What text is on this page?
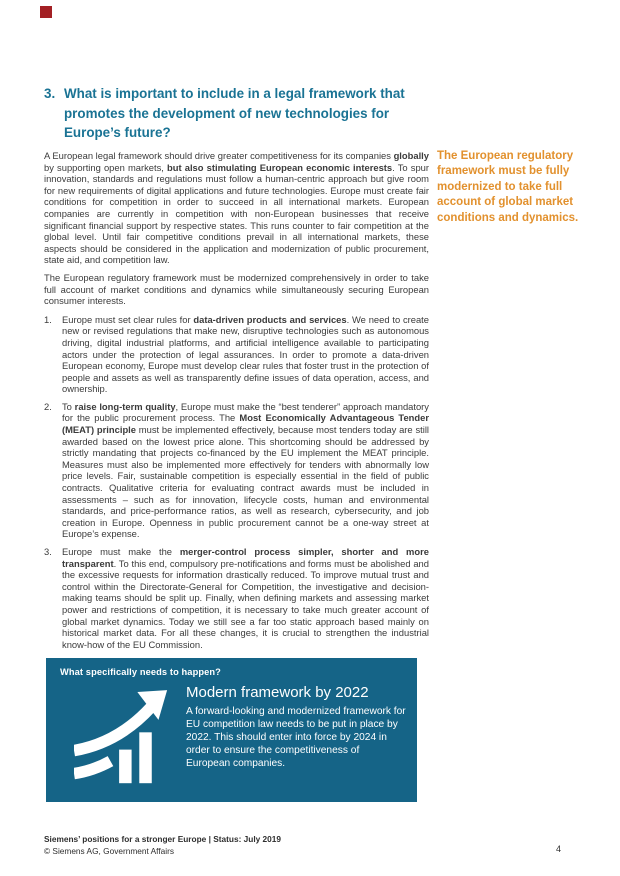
3. What is important to include in a legal framework that promotes the development of new technologies for Europe’s future?
The European regulatory framework must be fully modernized to take full account of global market conditions and dynamics.

A European legal framework should drive greater competitiveness for its companies globally by supporting open markets, but also stimulating European economic interests. To spur innovation, standards and regulations must follow a human-centric approach but give room for new requirements of digital applications and future technologies. Europe must create fair conditions for competition in order to succeed in all international markets. European companies are currently in competition with non-European businesses that receive significant financial support by respective states. This runs counter to fair competition at the global level. Until fair competitive conditions prevail in all international markets, these aspects should be considered in the application and modernization of public procurement, state aid, and competition law.

The European regulatory framework must be modernized comprehensively in order to take full account of market conditions and dynamics while simultaneously securing European consumer interests.

1.	Europe must set clear rules for data-driven products and services. We need to create new or revised regulations that make new, disruptive technologies such as autonomous driving, digital industrial platforms, and artificial intelligence available to participating actors under the protection of legal assurances. In order to promote a data-driven European economy, Europe must develop clear rules that foster trust in the protection of people and assets as well as transparently define issues of data operation, access, and ownership.
2.	To raise long-term quality, Europe must make the “best tenderer” approach mandatory for the public procurement process. The Most Economically Advantageous Tender (MEAT) principle must be implemented effectively, because most tenders today are still awarded based on the lowest price alone. This shortcoming should be addressed by strictly mandating that projects co-financed by the EU implement the MEAT principle. Measures must also be implemented more effectively for tenders with abnormally low price levels. Fair, sustainable competition is especially essential in the field of public contracts. Qualitative criteria for evaluating contract awards must be included in assessments – such as for innovation, lifecycle costs, human and environmental standards, and price-performance ratios, as well as research, cybersecurity, and job creation in Europe. Openness in public procurement cannot be a one-way street at Europe’s expense.
3.	Europe must make the merger-control process simpler, shorter and more transparent. To this end, compulsory pre-notifications and forms must be abolished and the excessive requests for information drastically reduced. To improve mutual trust and control within the Directorate-General for Competition, the investigative and decision-making teams should be split up. Finally, when defining markets and assessing market power and restrictions of competition, it is necessary to take much greater account of global market dynamics. Today we still see a far too static approach based mainly on historical market data. For all these changes, it is crucial to strengthen the industrial know-how of the EU Commission.
What specifically needs to happen?
Modern framework by 2022
A forward-looking and modernized framework for EU competition law needs to be put in place by 2022. This should enter into force by 2024 in order to ensure the competitiveness of European companies.
Siemens’ positions for a stronger Europe | Status: July 2019
© Siemens AG, Government Affairs	4
